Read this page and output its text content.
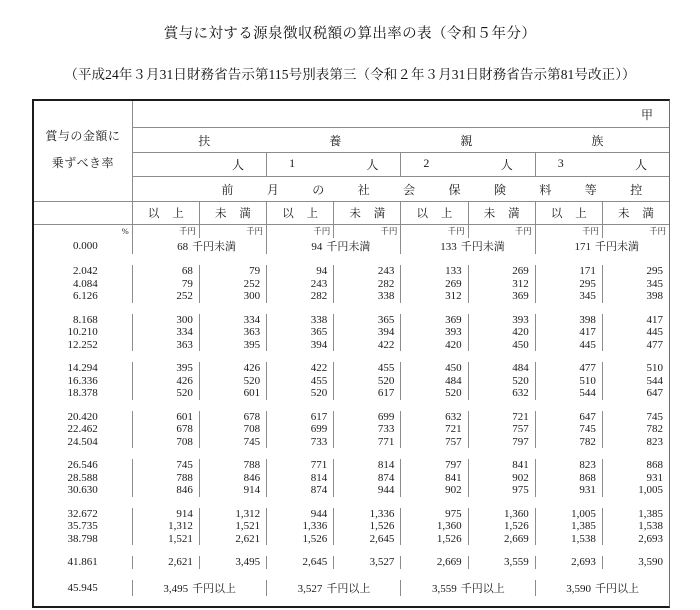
賞与に対する源泉徴収税額の算出率の表（令和５年分）
（平成24年３月31日財務省告示第115号別表第三（令和２年３月31日財務省告示第81号改正））
賞与の金額に
乗ずべき率	甲							

	扶 養 親 族							

	人		1 人		2 人		3 人	

前	月	の	社	会	保	険	料	等	控

	以 上	未 満	以 上	未 満	以 上	未 満	以 上	未 満
%	千円	千円	千円	千円	千円	千円	千円	千円
0.000	68 千円未満		94 千円未満		133 千円未満		171 千円未満	

2.042	68	79	94	243	133	269	171	295
4.084	79	252	243	282	269	312	295	345
6.126	252	300	282	338	312	369	345	398

8.168	300	334	338	365	369	393	398	417
10.210	334	363	365	394	393	420	417	445
12.252	363	395	394	422	420	450	445	477

14.294	395	426	422	455	450	484	477	510
16.336	426	520	455	520	484	520	510	544
18.378	520	601	520	617	520	632	544	647

20.420	601	678	617	699	632	721	647	745
22.462	678	708	699	733	721	757	745	782
24.504	708	745	733	771	757	797	782	823

26.546	745	788	771	814	797	841	823	868
28.588	788	846	814	874	841	902	868	931
30.630	846	914	874	944	902	975	931	1,005

32.672	914	1,312	944	1,336	975	1,360	1,005	1,385
35.735	1,312	1,521	1,336	1,526	1,360	1,526	1,385	1,538
38.798	1,521	2,621	1,526	2,645	1,526	2,669	1,538	2,693

41.861	2,621	3,495	2,645	3,527	2,669	3,559	2,693	3,590

45.945	3,495 千円以上		3,527 千円以上		3,559 千円以上		3,590 千円以上	
